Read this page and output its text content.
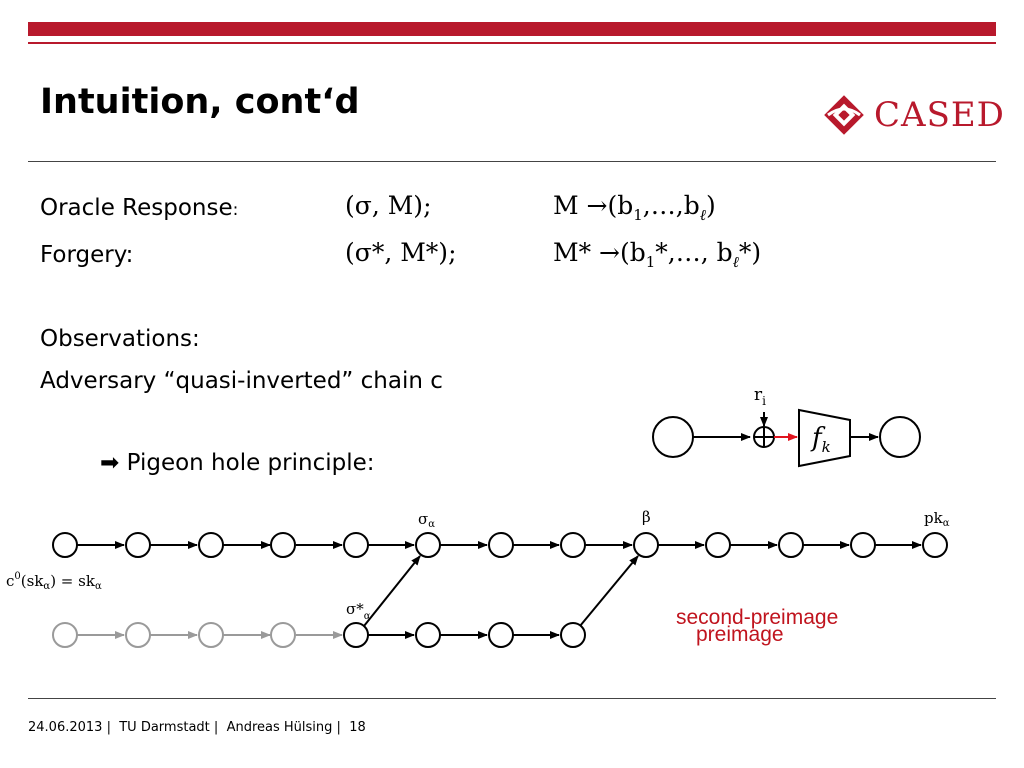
Intuition, cont‘d	CASED
Oracle Response:	(σ, M);	$M \to(b_1,\dots,b_\ell)$
Forgery:	(σ*, M*);	$M* \to(b_1*,\dots$, $b_\ell*$)
Observations:
Adversary “quasi-inverted” chain c
➡ Pigeon hole principle:
$r_i$
$f_k$
$\sigma_\alpha$	β	$pk_\alpha$
$c^0(sk_\alpha) = sk_\alpha$
$\sigma*_\alpha$	second-preimage
preimage
24.06.2013 | TU Darmstadt | Andreas Hülsing | 18
